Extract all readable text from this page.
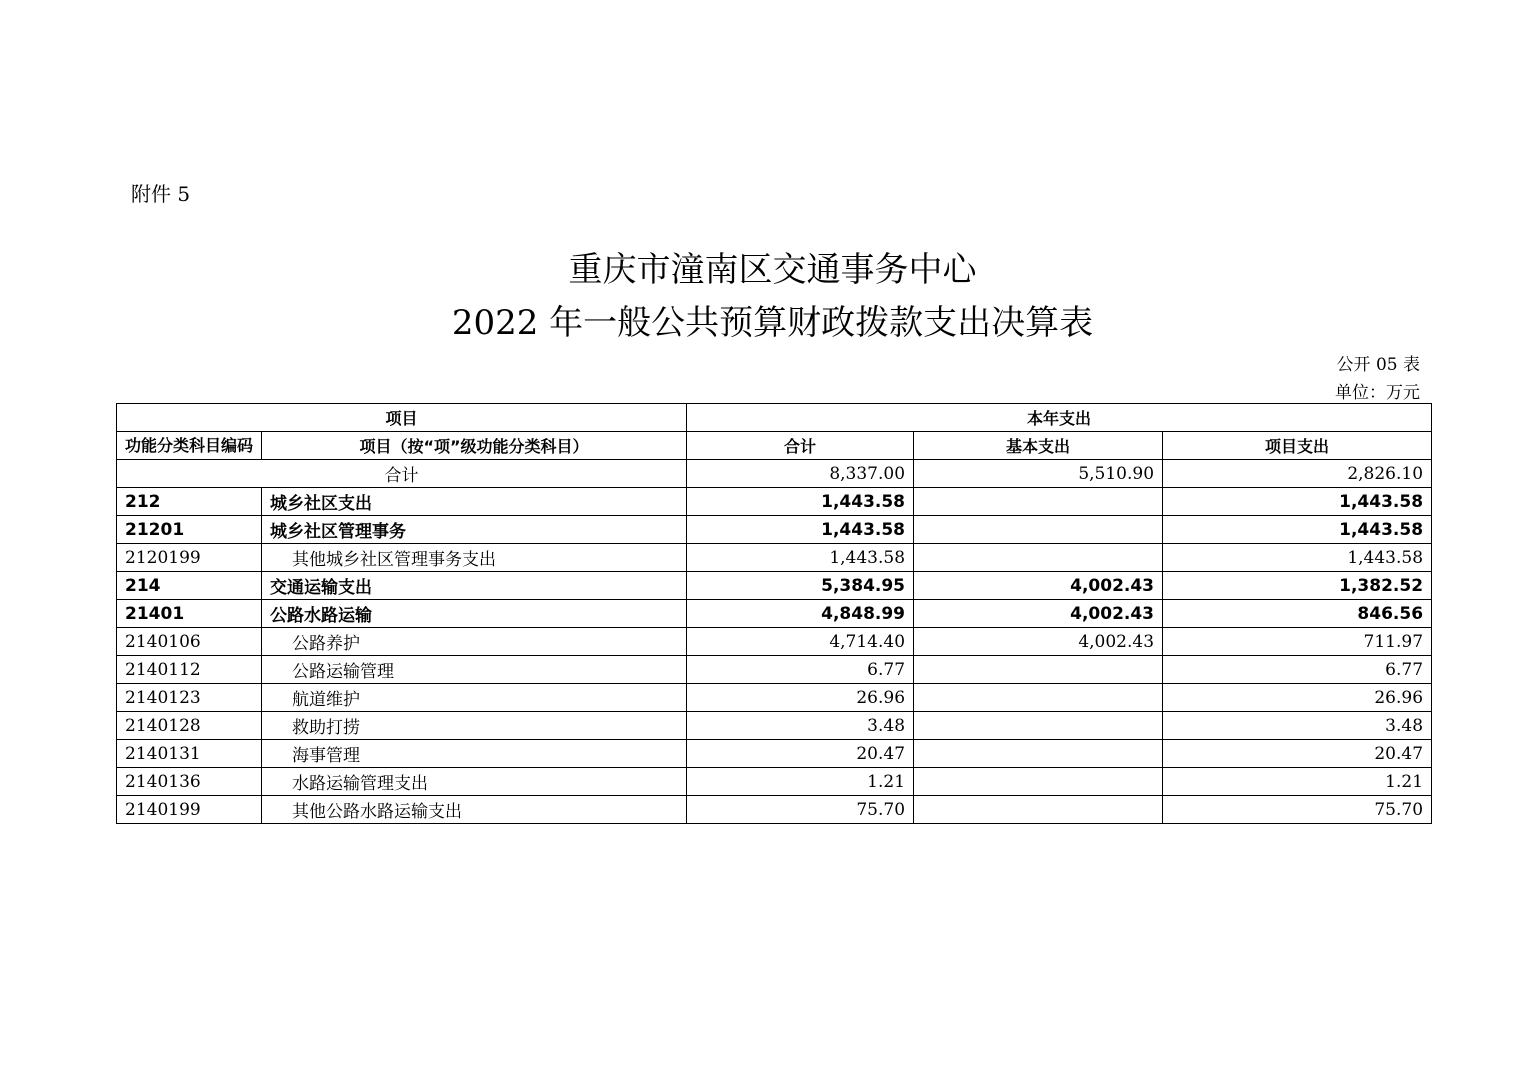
附件 5
重庆市潼南区交通事务中心
2022 年一般公共预算财政拨款支出决算表
公开 05 表
单位：万元
项目		本年支出		
功能分类科目编码	项目（按“项”级功能分类科目）	合计	基本支出	项目支出
合计		8,337.00	5,510.90	2,826.10
212	城乡社区支出	1,443.58		1,443.58
21201	城乡社区管理事务	1,443.58		1,443.58
2120199	其他城乡社区管理事务支出	1,443.58		1,443.58
214	交通运输支出	5,384.95	4,002.43	1,382.52
21401	公路水路运输	4,848.99	4,002.43	846.56
2140106	公路养护	4,714.40	4,002.43	711.97
2140112	公路运输管理	6.77		6.77
2140123	航道维护	26.96		26.96
2140128	救助打捞	3.48		3.48
2140131	海事管理	20.47		20.47
2140136	水路运输管理支出	1.21		1.21
2140199	其他公路水路运输支出	75.70		75.70
